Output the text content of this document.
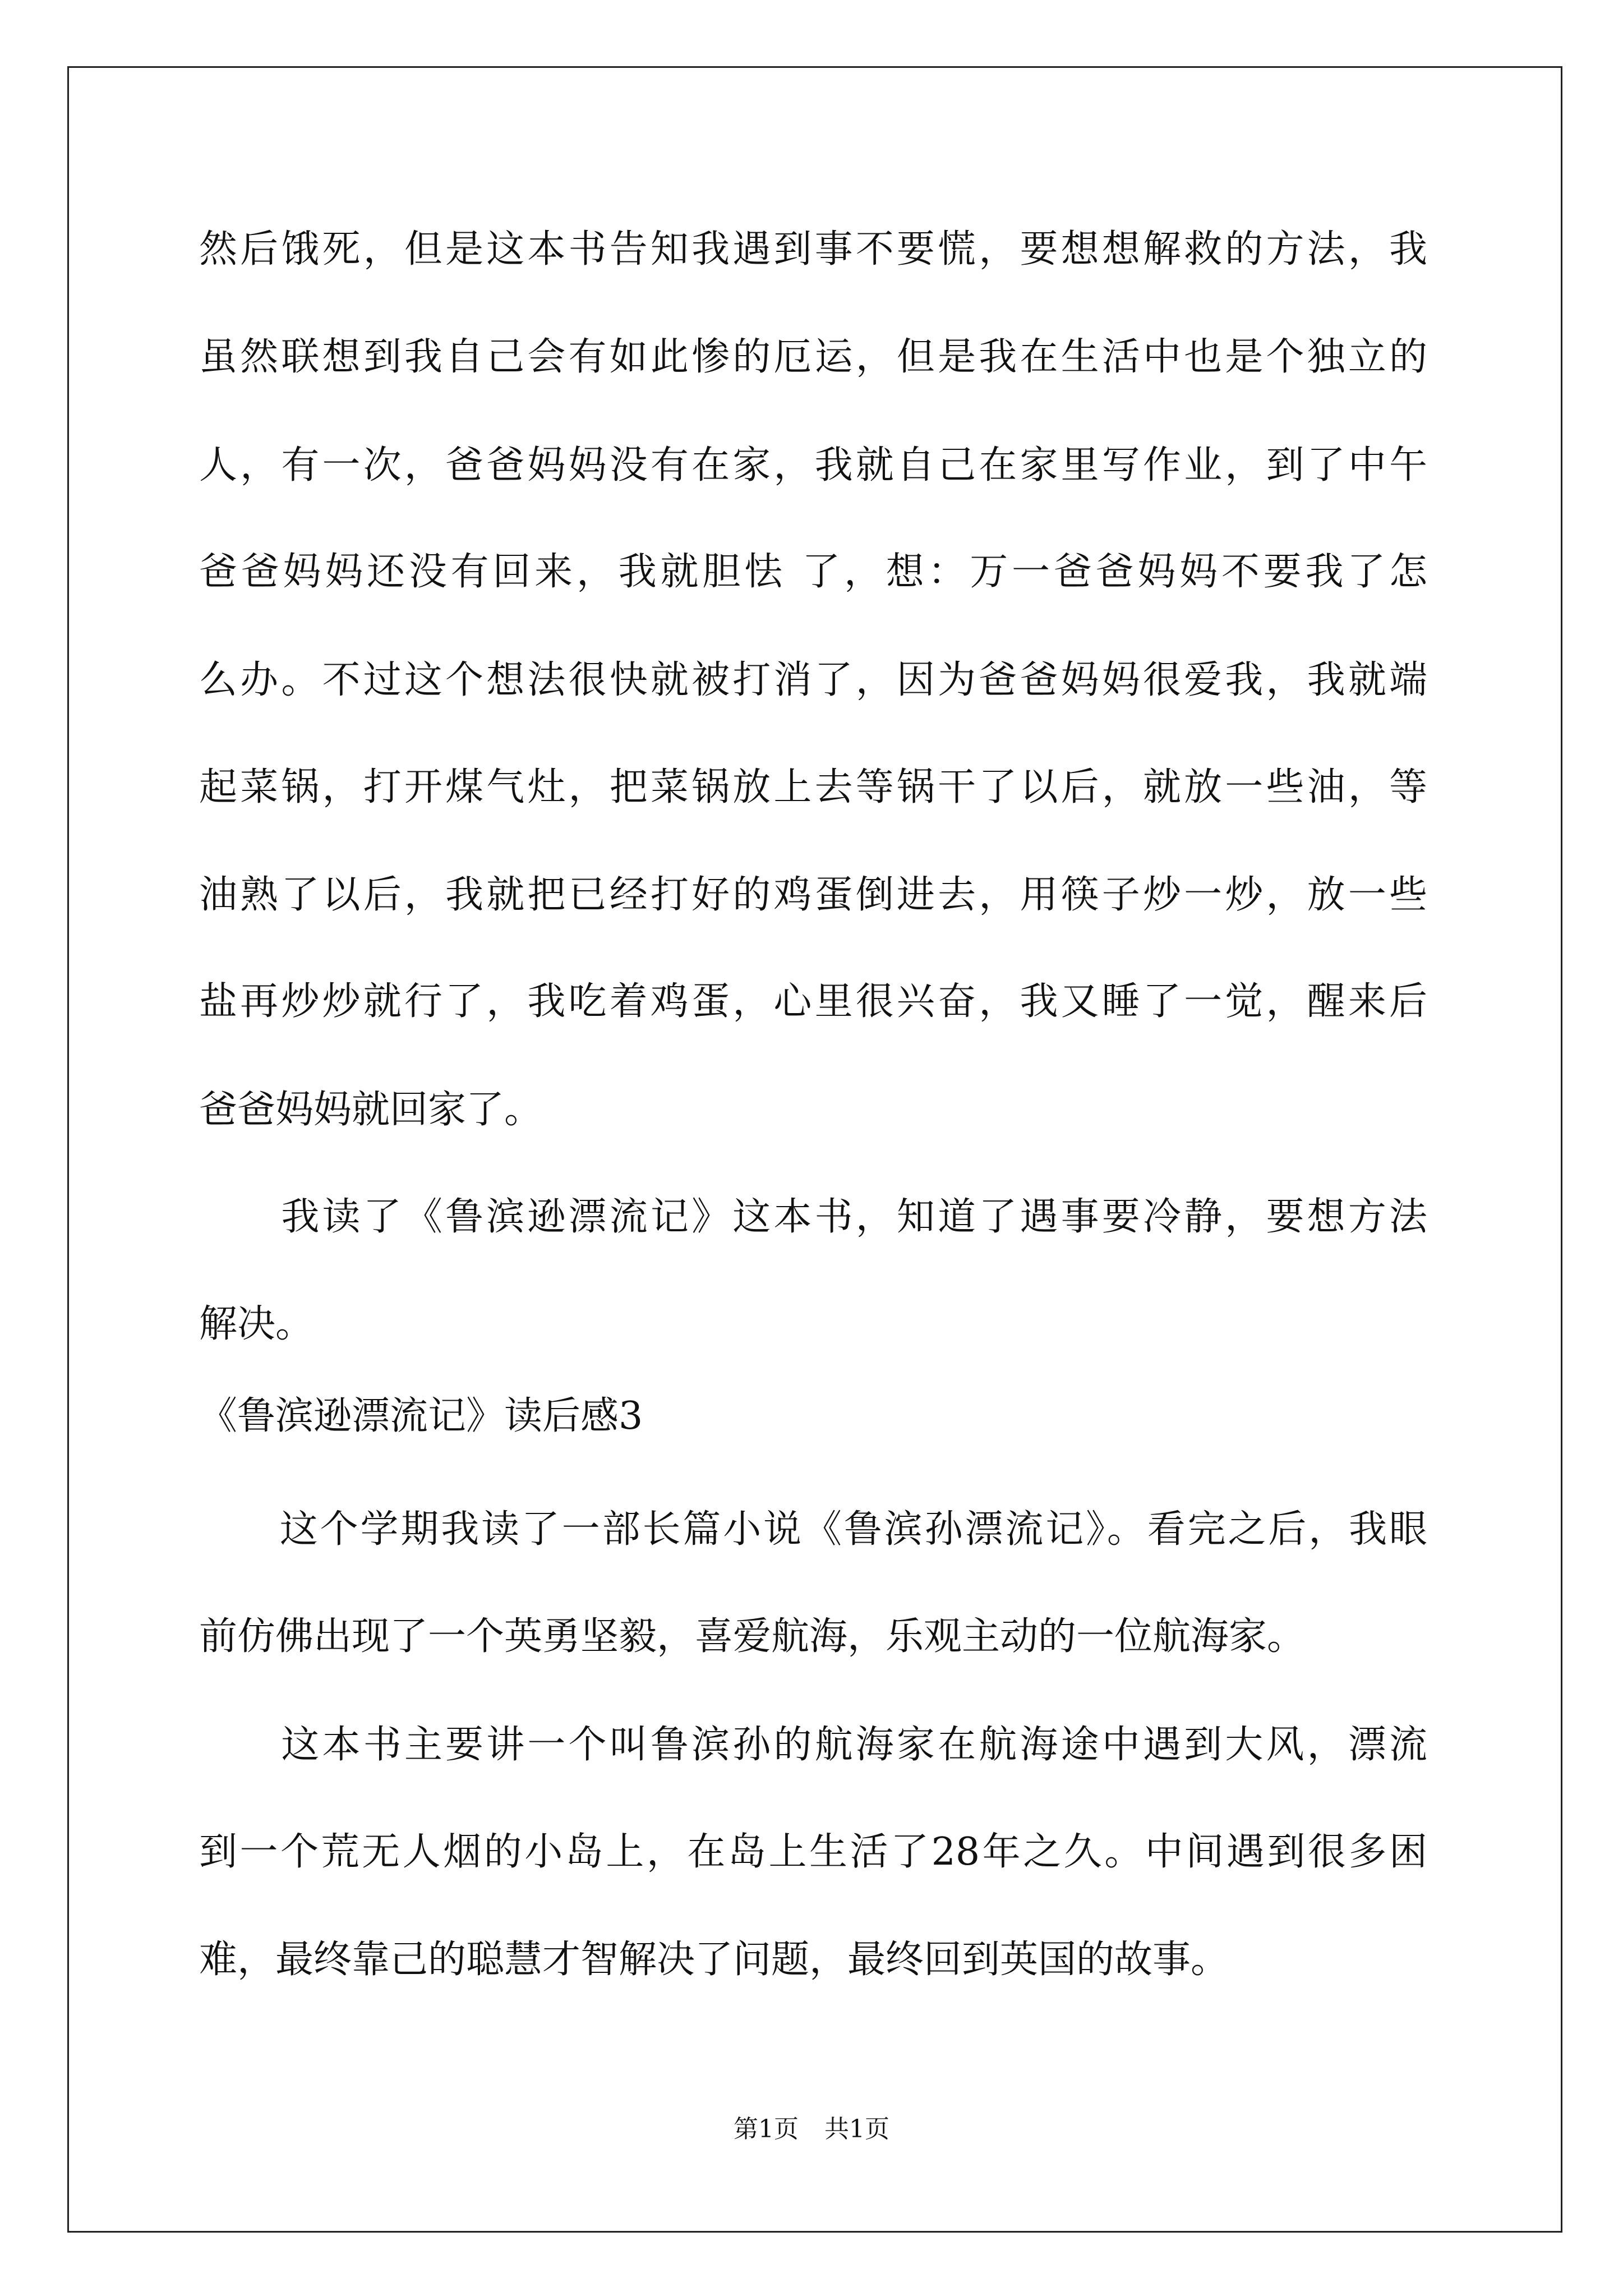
然后饿死，但是这本书告知我遇到事不要慌，要想想解救的方法，我
虽然联想到我自己会有如此惨的厄运，但是我在生活中也是个独立的
人，有一次，爸爸妈妈没有在家，我就自己在家里写作业，到了中午
爸爸妈妈还没有回来，我就胆怯 了，想：万一爸爸妈妈不要我了怎
么办。不过这个想法很快就被打消了，因为爸爸妈妈很爱我，我就端
起菜锅，打开煤气灶，把菜锅放上去等锅干了以后，就放一些油，等
油熟了以后，我就把已经打好的鸡蛋倒进去，用筷子炒一炒，放一些
盐再炒炒就行了，我吃着鸡蛋，心里很兴奋，我又睡了一觉，醒来后
爸爸妈妈就回家了。
　　我读了《鲁滨逊漂流记》这本书，知道了遇事要冷静，要想方法
解决。
《鲁滨逊漂流记》读后感3
　　这个学期我读了一部长篇小说《鲁滨孙漂流记》。看完之后，我眼
前仿佛出现了一个英勇坚毅，喜爱航海，乐观主动的一位航海家。
　　这本书主要讲一个叫鲁滨孙的航海家在航海途中遇到大风，漂流
到一个荒无人烟的小岛上，在岛上生活了28年之久。中间遇到很多困
难，最终靠己的聪慧才智解决了问题，最终回到英国的故事。
第1页 共1页
